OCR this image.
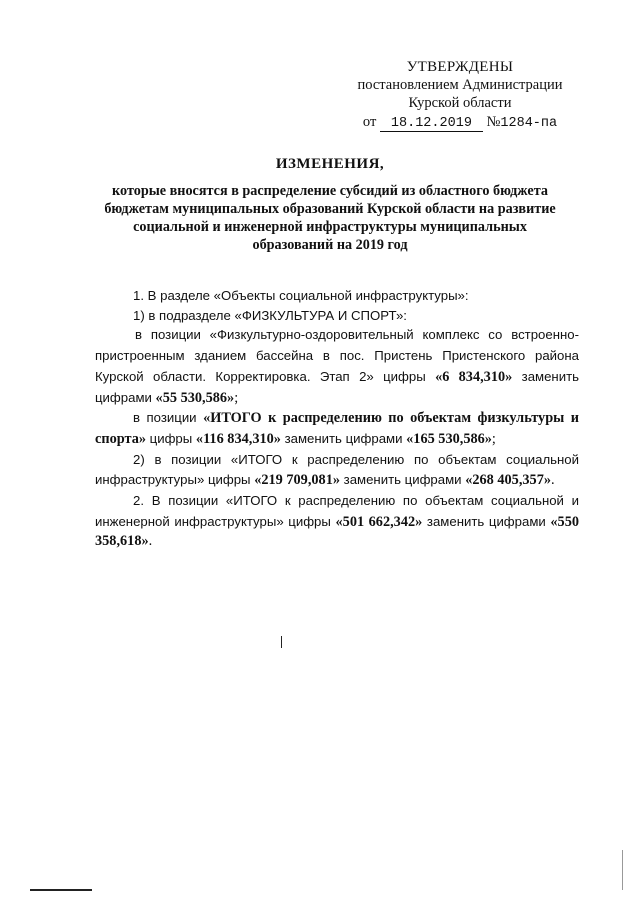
УТВЕРЖДЕНЫ
постановлением Администрации
Курской области
от 18.12.2019 №1284-па
ИЗМЕНЕНИЯ,
которые вносятся в распределение субсидий из областного бюджета
бюджетам муниципальных образований Курской области на развитие
социальной и инженерной инфраструктуры муниципальных
образований на 2019 год

1. В разделе «Объекты социальной инфраструктуры»:

1) в подразделе «ФИЗКУЛЬТУРА И СПОРТ»:

в позиции «Физкультурно-оздоровительный комплекс со встроенно-пристроенным зданием бассейна в пос. Пристень Пристенского района Курской области. Корректировка. Этап 2» цифры «6 834,310» заменить цифрами «55 530,586»;

в позиции «ИТОГО к распределению по объектам физкультуры и спорта» цифры «116 834,310» заменить цифрами «165 530,586»;

2) в позиции «ИТОГО к распределению по объектам социальной инфраструктуры» цифры «219 709,081» заменить цифрами «268 405,357».

2. В позиции «ИТОГО к распределению по объектам социальной и инженерной инфраструктуры» цифры «501 662,342» заменить цифрами «550 358,618».
